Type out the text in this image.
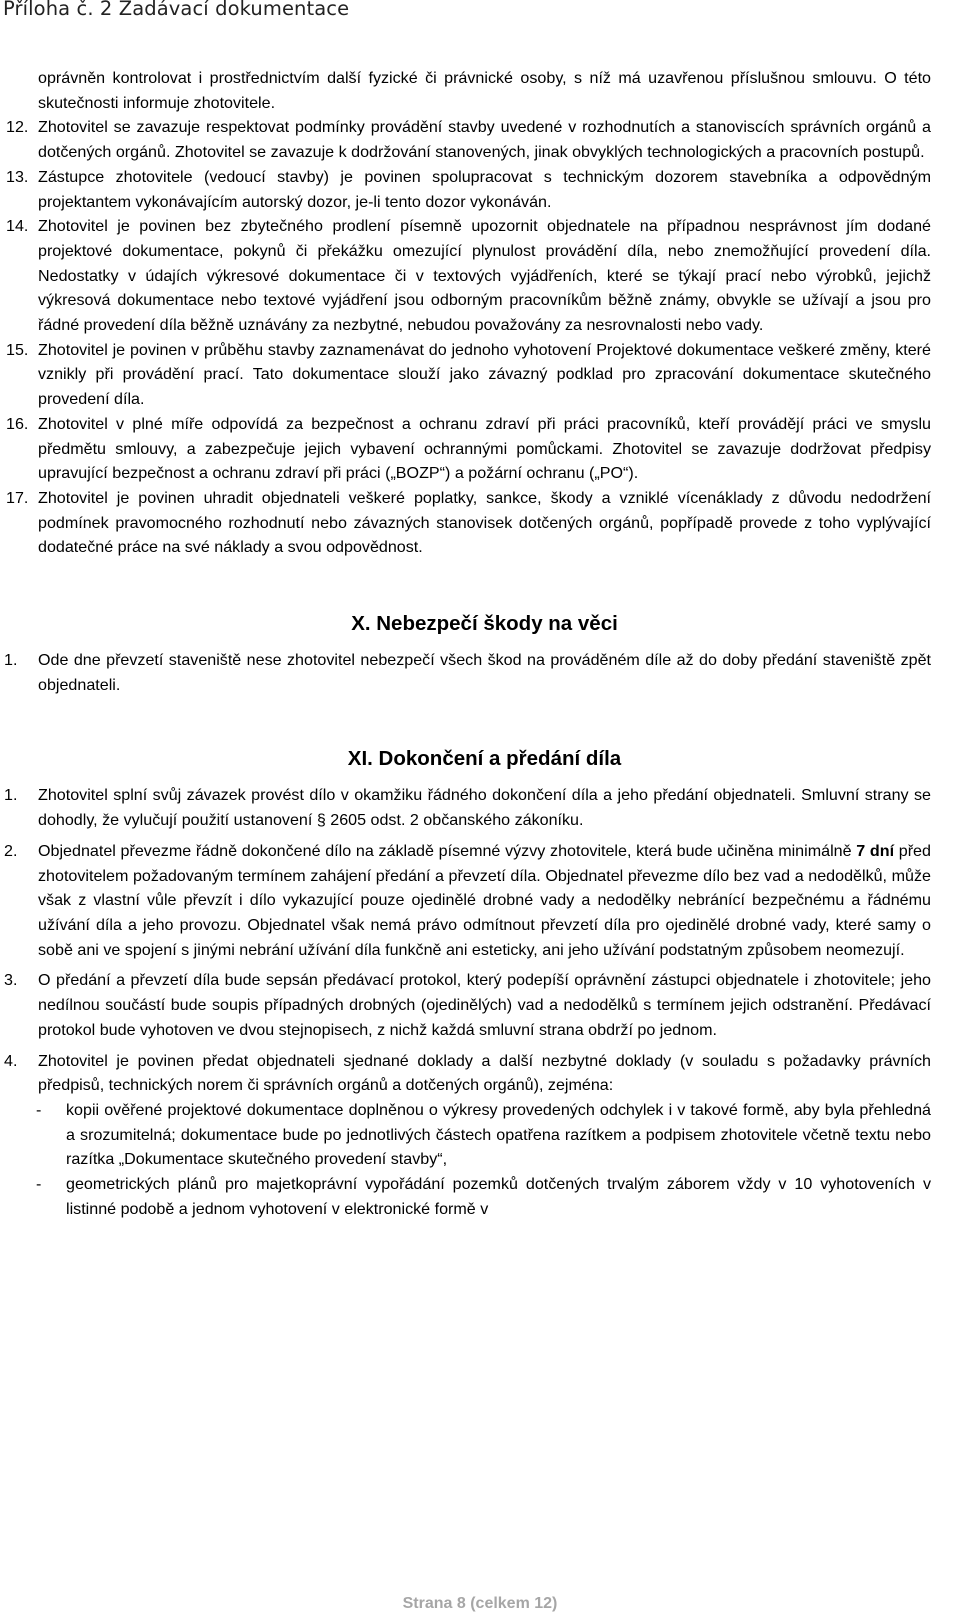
Příloha č. 2 Zadávací dokumentace
oprávněn kontrolovat i prostřednictvím další fyzické či právnické osoby, s níž má uzavřenou příslušnou smlouvu. O této skutečnosti informuje zhotovitele.
12. Zhotovitel se zavazuje respektovat podmínky provádění stavby uvedené v rozhodnutích a stanoviscích správních orgánů a dotčených orgánů. Zhotovitel se zavazuje k dodržování stanovených, jinak obvyklých technologických a pracovních postupů.
13. Zástupce zhotovitele (vedoucí stavby) je povinen spolupracovat s technickým dozorem stavebníka a odpovědným projektantem vykonávajícím autorský dozor, je-li tento dozor vykonáván.
14. Zhotovitel je povinen bez zbytečného prodlení písemně upozornit objednatele na případnou nesprávnost jím dodané projektové dokumentace, pokynů či překážku omezující plynulost provádění díla, nebo znemožňující provedení díla. Nedostatky v údajích výkresové dokumentace či v textových vyjádřeních, které se týkají prací nebo výrobků, jejichž výkresová dokumentace nebo textové vyjádření jsou odborným pracovníkům běžně známy, obvykle se užívají a jsou pro řádné provedení díla běžně uznávány za nezbytné, nebudou považovány za nesrovnalosti nebo vady.
15. Zhotovitel je povinen v průběhu stavby zaznamenávat do jednoho vyhotovení Projektové dokumentace veškeré změny, které vznikly při provádění prací. Tato dokumentace slouží jako závazný podklad pro zpracování dokumentace skutečného provedení díla.
16. Zhotovitel v plné míře odpovídá za bezpečnost a ochranu zdraví při práci pracovníků, kteří provádějí práci ve smyslu předmětu smlouvy, a zabezpečuje jejich vybavení ochrannými pomůckami. Zhotovitel se zavazuje dodržovat předpisy upravující bezpečnost a ochranu zdraví při práci („BOZP“) a požární ochranu („PO“).
17. Zhotovitel je povinen uhradit objednateli veškeré poplatky, sankce, škody a vzniklé vícenáklady z důvodu nedodržení podmínek pravomocného rozhodnutí nebo závazných stanovisek dotčených orgánů, popřípadě provede z toho vyplývající dodatečné práce na své náklady a svou odpovědnost.
X. Nebezpečí škody na věci
1. Ode dne převzetí staveniště nese zhotovitel nebezpečí všech škod na prováděném díle až do doby předání staveniště zpět objednateli.
XI. Dokončení a předání díla
1. Zhotovitel splní svůj závazek provést dílo v okamžiku řádného dokončení díla a jeho předání objednateli. Smluvní strany se dohodly, že vylučují použití ustanovení § 2605 odst. 2 občanského zákoníku.
2. Objednatel převezme řádně dokončené dílo na základě písemné výzvy zhotovitele, která bude učiněna minimálně 7 dní před zhotovitelem požadovaným termínem zahájení předání a převzetí díla. Objednatel převezme dílo bez vad a nedodělků, může však z vlastní vůle převzít i dílo vykazující pouze ojedinělé drobné vady a nedodělky nebránící bezpečnému a řádnému užívání díla a jeho provozu. Objednatel však nemá právo odmítnout převzetí díla pro ojedinělé drobné vady, které samy o sobě ani ve spojení s jinými nebrání užívání díla funkčně ani esteticky, ani jeho užívání podstatným způsobem neomezují.
3. O předání a převzetí díla bude sepsán předávací protokol, který podepíší oprávnění zástupci objednatele i zhotovitele; jeho nedílnou součástí bude soupis případných drobných (ojedinělých) vad a nedodělků s termínem jejich odstranění. Předávací protokol bude vyhotoven ve dvou stejnopisech, z nichž každá smluvní strana obdrží po jednom.
4. Zhotovitel je povinen předat objednateli sjednané doklady a další nezbytné doklady (v souladu s požadavky právních předpisů, technických norem či správních orgánů a dotčených orgánů), zejména:
- kopii ověřené projektové dokumentace doplněnou o výkresy provedených odchylek i v takové formě, aby byla přehledná a srozumitelná; dokumentace bude po jednotlivých částech opatřena razítkem a podpisem zhotovitele včetně textu nebo razítka „Dokumentace skutečného provedení stavby“,
- geometrických plánů pro majetkoprávní vypořádání pozemků dotčených trvalým záborem vždy v 10 vyhotoveních v listinné podobě a jednom vyhotovení v elektronické formě v
Strana 8 (celkem 12)
